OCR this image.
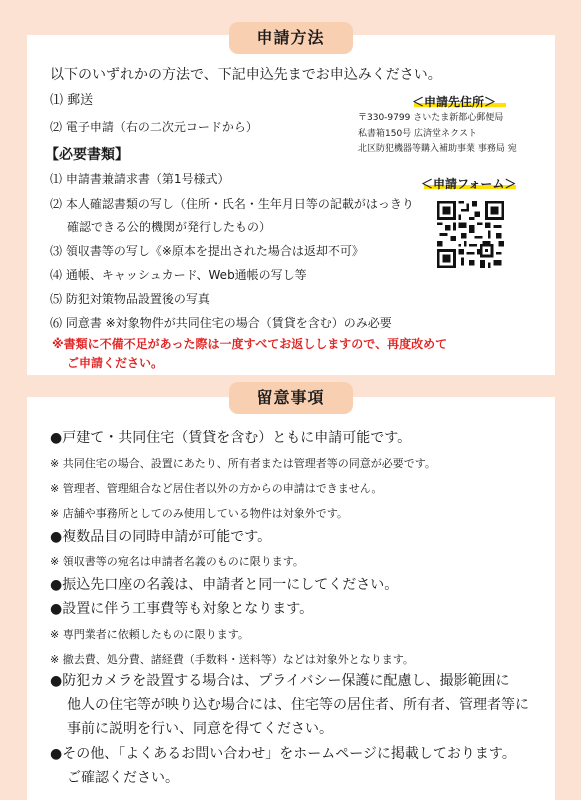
申請方法
以下のいずれかの方法で、下記申込先までお申込みください。
⑴ 郵送
⑵ 電子申請（右の二次元コードから）
＜申請先住所＞
〒330-9799 さいたま新都心郵便局
私書箱150号 広済堂ネクスト
北区防犯機器等購入補助事業 事務局 宛
【必要書類】
＜申請フォーム＞
⑴ 申請書兼請求書（第1号様式）
⑵ 本人確認書類の写し（住所・氏名・生年月日等の記載がはっきり
確認できる公的機関が発行したもの）
⑶ 領収書等の写し《※原本を提出された場合は返却不可》
⑷ 通帳、キャッシュカード、Web通帳の写し等
⑸ 防犯対策物品設置後の写真
⑹ 同意書 ※対象物件が共同住宅の場合（賃貸を含む）のみ必要
※書類に不備不足があった際は一度すべてお返ししますので、再度改めて
ご申請ください。
留意事項
●戸建て・共同住宅（賃貸を含む）ともに申請可能です。
※ 共同住宅の場合、設置にあたり、所有者または管理者等の同意が必要です。
※ 管理者、管理組合など居住者以外の方からの申請はできません。
※ 店舗や事務所としてのみ使用している物件は対象外です。
●複数品目の同時申請が可能です。
※ 領収書等の宛名は申請者名義のものに限ります。
●振込先口座の名義は、申請者と同一にしてください。
●設置に伴う工事費等も対象となります。
※ 専門業者に依頼したものに限ります。
※ 撤去費、処分費、諸経費（手数料・送料等）などは対象外となります。
●防犯カメラを設置する場合は、プライバシー保護に配慮し、撮影範囲に
他人の住宅等が映り込む場合には、住宅等の居住者、所有者、管理者等に
事前に説明を行い、同意を得てください。
●その他、「よくあるお問い合わせ」をホームページに掲載しております。
ご確認ください。
